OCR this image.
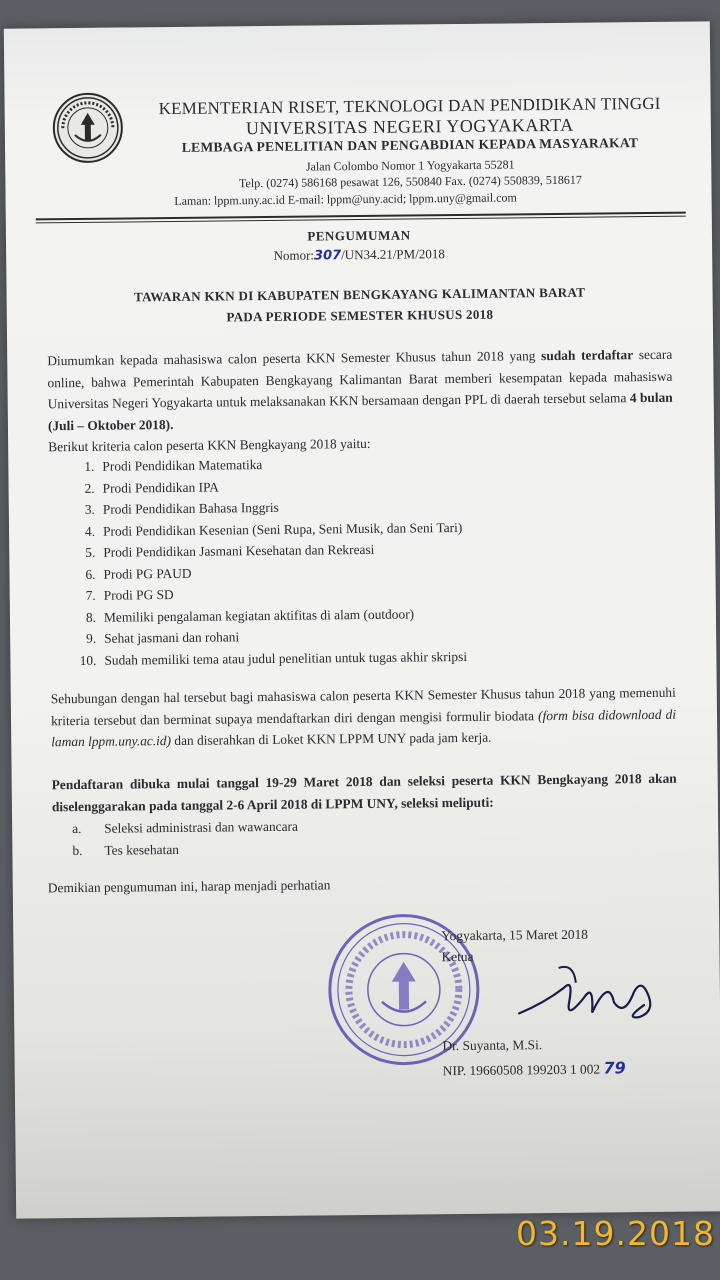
KEMENTERIAN RISET, TEKNOLOGI DAN PENDIDIKAN TINGGI
UNIVERSITAS NEGERI YOGYAKARTA
LEMBAGA PENELITIAN DAN PENGABDIAN KEPADA MASYARAKAT
Jalan Colombo Nomor 1 Yogyakarta 55281
Telp. (0274) 586168 pesawat 126, 550840 Fax. (0274) 550839, 518617
Laman: lppm.uny.ac.id E-mail: lppm@uny.acid; lppm.uny@gmail.com
PENGUMUMAN
Nomor:307/UN34.21/PM/2018
TAWARAN KKN DI KABUPATEN BENGKAYANG KALIMANTAN BARAT
PADA PERIODE SEMESTER KHUSUS 2018
Diumumkan kepada mahasiswa calon peserta KKN Semester Khusus tahun 2018 yang sudah terdaftar secara online, bahwa Pemerintah Kabupaten Bengkayang Kalimantan Barat memberi kesempatan kepada mahasiswa Universitas Negeri Yogyakarta untuk melaksanakan KKN bersamaan dengan PPL di daerah tersebut selama 4 bulan (Juli – Oktober 2018).
Berikut kriteria calon peserta KKN Bengkayang 2018 yaitu:
1. Prodi Pendidikan Matematika
2. Prodi Pendidikan IPA
3. Prodi Pendidikan Bahasa Inggris
4. Prodi Pendidikan Kesenian (Seni Rupa, Seni Musik, dan Seni Tari)
5. Prodi Pendidikan Jasmani Kesehatan dan Rekreasi
6. Prodi PG PAUD
7. Prodi PG SD
8. Memiliki pengalaman kegiatan aktifitas di alam (outdoor)
9. Sehat jasmani dan rohani
10. Sudah memiliki tema atau judul penelitian untuk tugas akhir skripsi
Sehubungan dengan hal tersebut bagi mahasiswa calon peserta KKN Semester Khusus tahun 2018 yang memenuhi kriteria tersebut dan berminat supaya mendaftarkan diri dengan mengisi formulir biodata (form bisa didownload di laman lppm.uny.ac.id) dan diserahkan di Loket KKN LPPM UNY pada jam kerja.
Pendaftaran dibuka mulai tanggal 19-29 Maret 2018 dan seleksi peserta KKN Bengkayang 2018 akan diselenggarakan pada tanggal 2-6 April 2018 di LPPM UNY, seleksi meliputi:
a.	Seleksi administrasi dan wawancara
b.	Tes kesehatan
Demikian pengumuman ini, harap menjadi perhatian
Yogyakarta, 15 Maret 2018
Ketua
Dr. Suyanta, M.Si.
NIP. 19660508 199203 1 002 79
03.19.2018
